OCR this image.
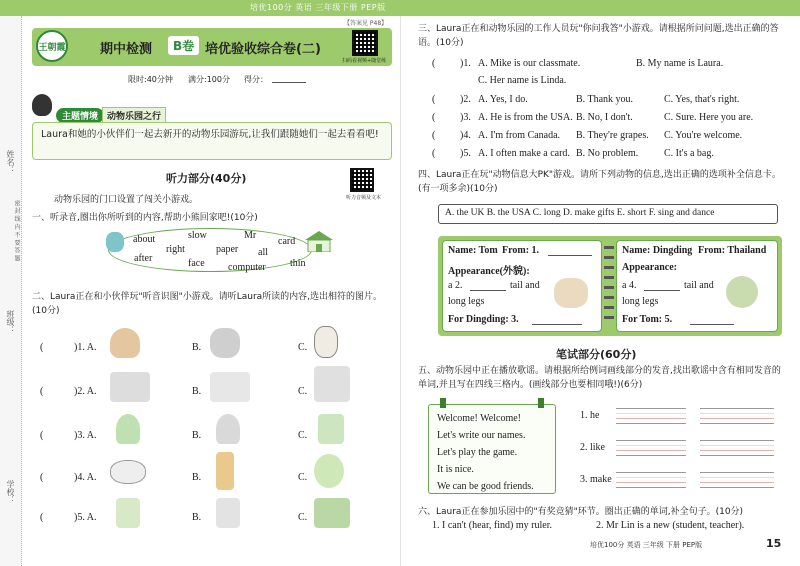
培优100分 英语 三年级下册 PEP版
姓名：
班级：
学校：
密 封 线 内 不 要 答 题
【答案见 P48】
王朝霞	期中检测	B卷 培优验收综合卷(二)
扫码看视频+随堂练
限时:40分钟 满分:100分 得分：
主题情境 动物乐园之行
Laura和她的小伙伴们一起去新开的动物乐园游玩,让我们跟随她们一起去看看吧!
听力部分(40分)
听力音频及文本
动物乐园的门口设置了闯关小游戏。
一、听录音,圈出你所听到的内容,帮助小熊回家吧!(10分)
about	slow	Mr
card
right	paper all
after	face computer thin
二、Laura正在和小伙伴玩"听音识图"小游戏。请听Laura所读的内容,选出相符的图片。(10分)
(	)1. A.	B.	C.
(	)2. A.	B.	C.
(	)3. A.	B.	C.
(	)4. A.	B.	C.
(	)5. A.	B.	C.
三、Laura正在和动物乐园的工作人员玩"你问我答"小游戏。请根据所问问题,选出正确的答语。(10分)
( )1. A. Mike is our classmate.	B. My name is Laura.
C. Her name is Linda.
( )2. A. Yes, I do.	B. Thank you.	C. Yes, that's right.
( )3. A. He is from the USA. B. No, I don't.	C. Sure. Here you are.
( )4. A. I'm from Canada. B. They're grapes. C. You're welcome.
( )5. A. I often make a card. B. No problem.	C. It's a bag.
四、Laura正在玩"动物信息大PK"游戏。请所下列动物的信息,选出正确的选项补全信息卡。(有一项多余)(10分)
A. the UK B. the USA C. long D. make gifts E. short F. sing and dance
Name: Tom From: 1.
Appearance(外貌):
a 2.	tail and
long legs
For Dingding: 3.
Name: Dingding From: Thailand
Appearance:
a 4.	tail and
long legs
For Tom: 5.
笔试部分(60分)
五、动物乐园中正在播放歌谣。请根据所给例词画线部分的发音,找出歌谣中含有相同发音的单词,并且写在四线三格内。(画线部分也要相同哦!)(6分)
Welcome! Welcome!
Let's write our names.
Let's play the game.
It is nice.
We can be good friends.
1. he
2. like
3. make
六、Laura正在参加乐园中的"有奖竞猜"环节。圈出正确的单词,补全句子。(10分)
1. I can't (hear, find) my ruler.	2. Mr Lin is a new (student, teacher).
培优100分 英语 三年级 下册 PEP版	15
